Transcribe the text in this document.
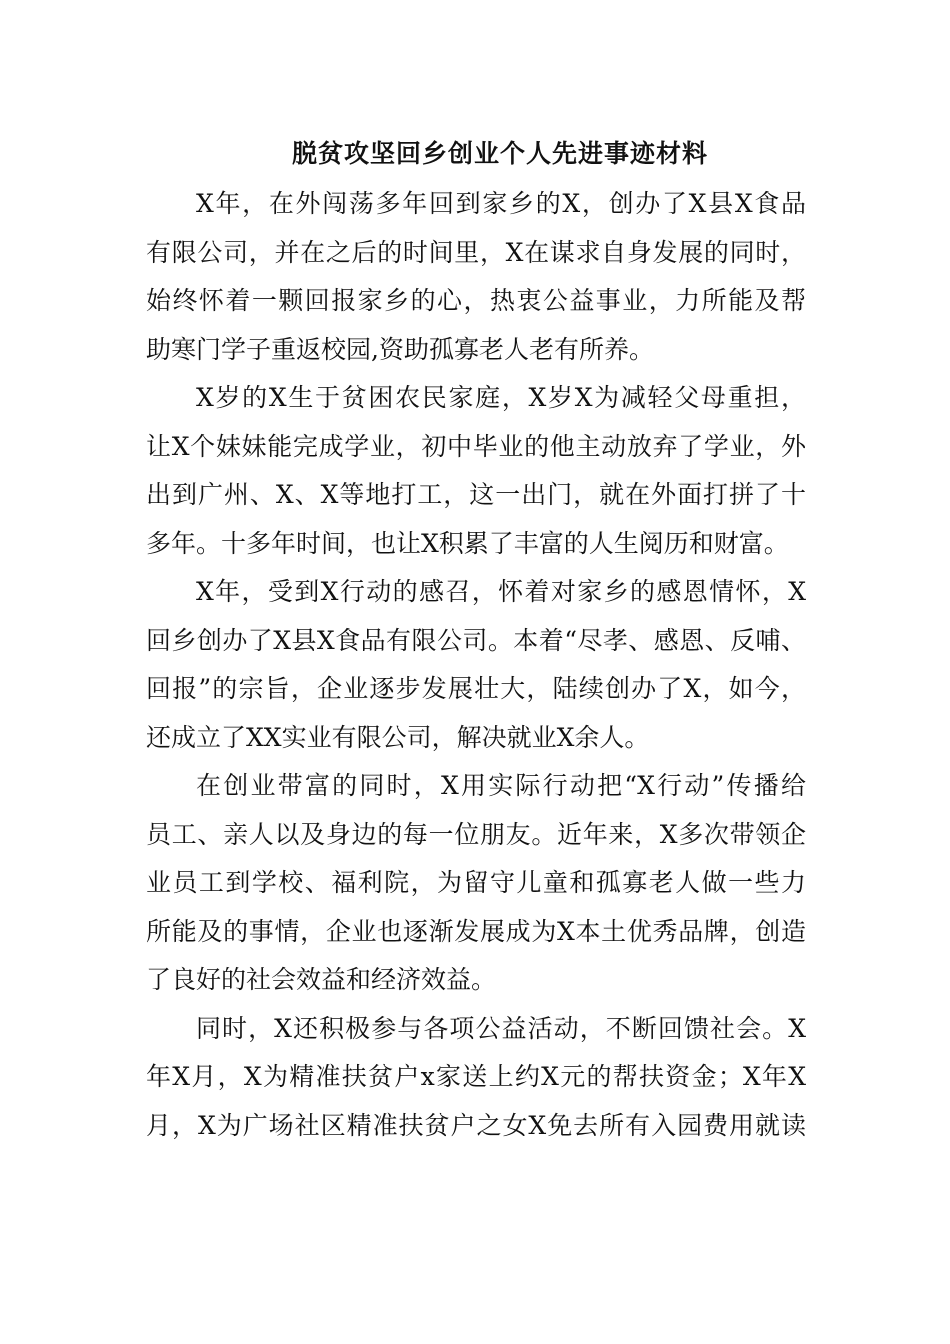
脱贫攻坚回乡创业个人先进事迹材料
X年，在外闯荡多年回到家乡的X，创办了X县X食品
有限公司，并在之后的时间里，X在谋求自身发展的同时，
始终怀着一颗回报家乡的心，热衷公益事业，力所能及帮
助寒门学子重返校园,资助孤寡老人老有所养。
X岁的X生于贫困农民家庭，X岁X为减轻父母重担，
让X个妹妹能完成学业，初中毕业的他主动放弃了学业，外
出到广州、X、X等地打工，这一出门，就在外面打拼了十
多年。十多年时间，也让X积累了丰富的人生阅历和财富。
X年，受到X行动的感召，怀着对家乡的感恩情怀，X
回乡创办了X县X食品有限公司。本着“尽孝、感恩、反哺、
回报”的宗旨，企业逐步发展壮大，陆续创办了X，如今，
还成立了XX实业有限公司，解决就业X余人。
在创业带富的同时，X用实际行动把“X行动”传播给
员工、亲人以及身边的每一位朋友。近年来，X多次带领企
业员工到学校、福利院，为留守儿童和孤寡老人做一些力
所能及的事情，企业也逐渐发展成为X本土优秀品牌，创造
了良好的社会效益和经济效益。
同时，X还积极参与各项公益活动，不断回馈社会。X
年X月，X为精准扶贫户x家送上约X元的帮扶资金；X年X
月，X为广场社区精准扶贫户之女X免去所有入园费用就读
